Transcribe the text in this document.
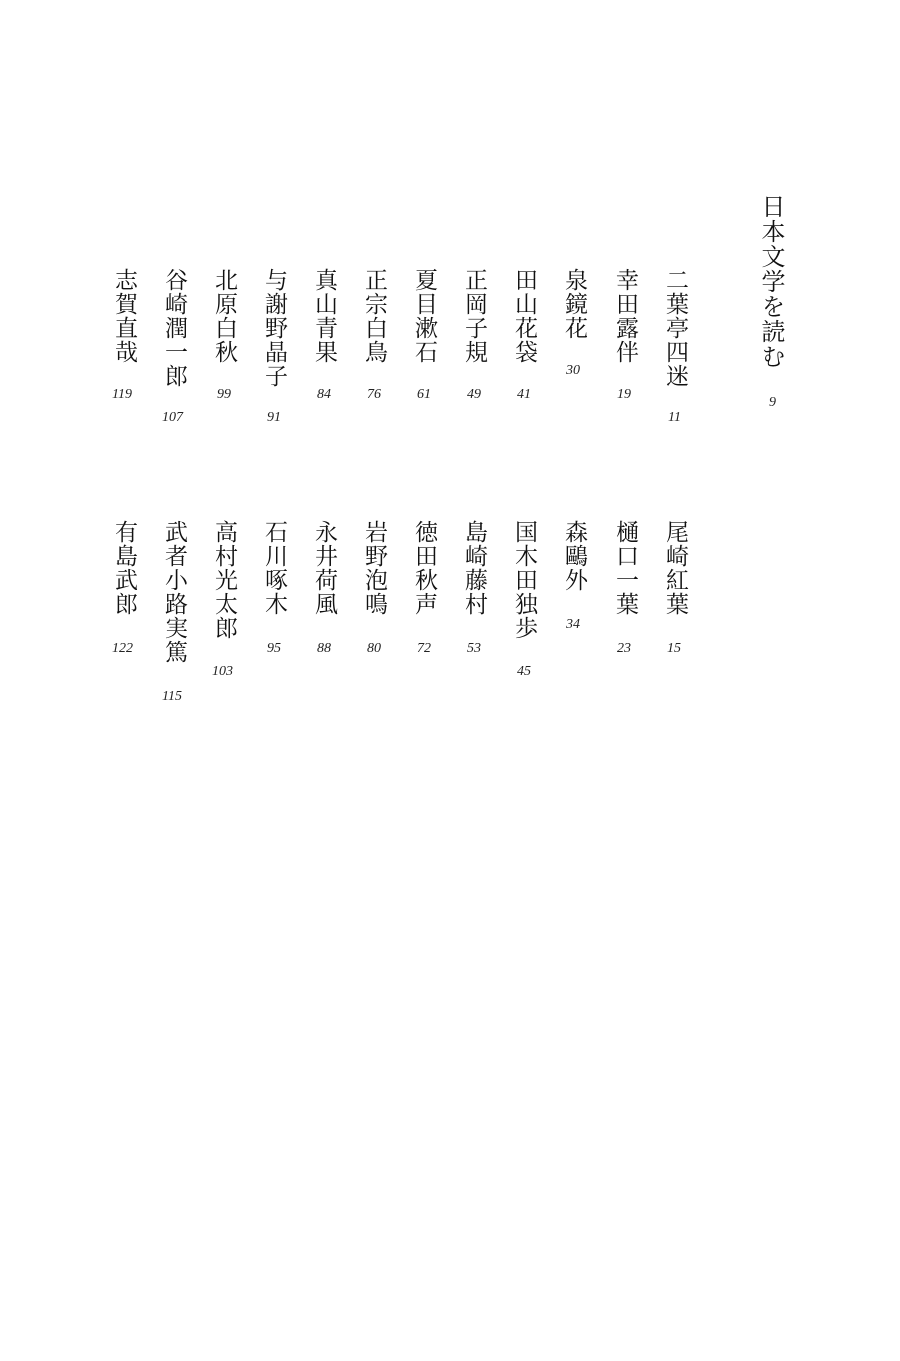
日本文学を読む
9
二葉亭四迷
11
幸田露伴
19
泉鏡花
30
田山花袋
41
正岡子規
49
夏目漱石
61
正宗白鳥
76
真山青果
84
与謝野晶子
91
北原白秋
99
谷崎潤一郎
107
志賀直哉
119
尾崎紅葉
15
樋口一葉
23
森鷗外
34
国木田独歩
45
島崎藤村
53
徳田秋声
72
岩野泡鳴
80
永井荷風
88
石川啄木
95
高村光太郎
103
武者小路実篤
115
有島武郎
122
